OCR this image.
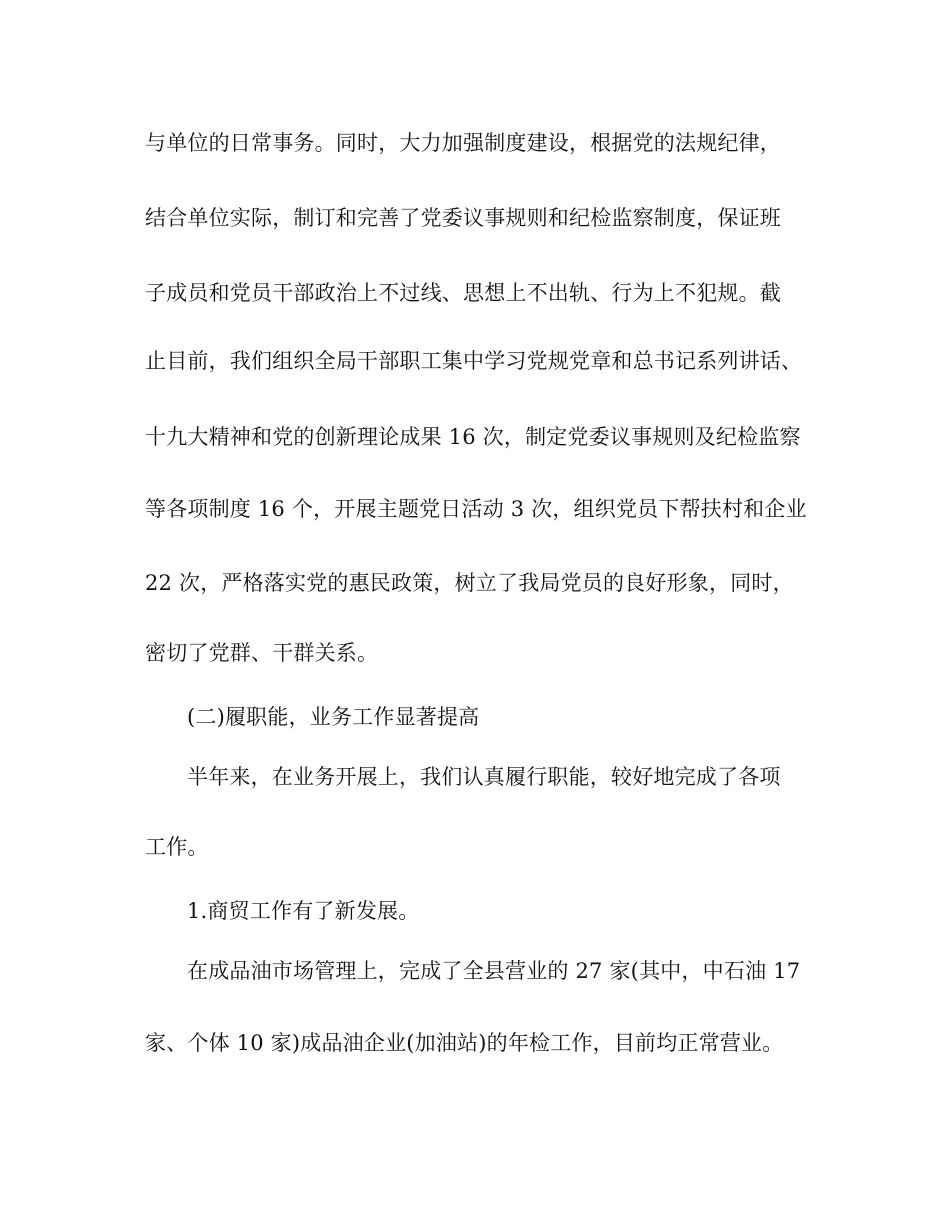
与单位的日常事务。同时，大力加强制度建设，根据党的法规纪律，
结合单位实际，制订和完善了党委议事规则和纪检监察制度，保证班
子成员和党员干部政治上不过线、思想上不出轨、行为上不犯规。截
止目前，我们组织全局干部职工集中学习党规党章和总书记系列讲话、
十九大精神和党的创新理论成果 16 次，制定党委议事规则及纪检监察
等各项制度 16 个，开展主题党日活动 3 次，组织党员下帮扶村和企业
22 次，严格落实党的惠民政策，树立了我局党员的良好形象，同时，
密切了党群、干群关系。
(二)履职能，业务工作显著提高
半年来，在业务开展上，我们认真履行职能，较好地完成了各项
工作。
1.商贸工作有了新发展。
在成品油市场管理上，完成了全县营业的 27 家(其中，中石油 17
家、个体 10 家)成品油企业(加油站)的年检工作，目前均正常营业。
